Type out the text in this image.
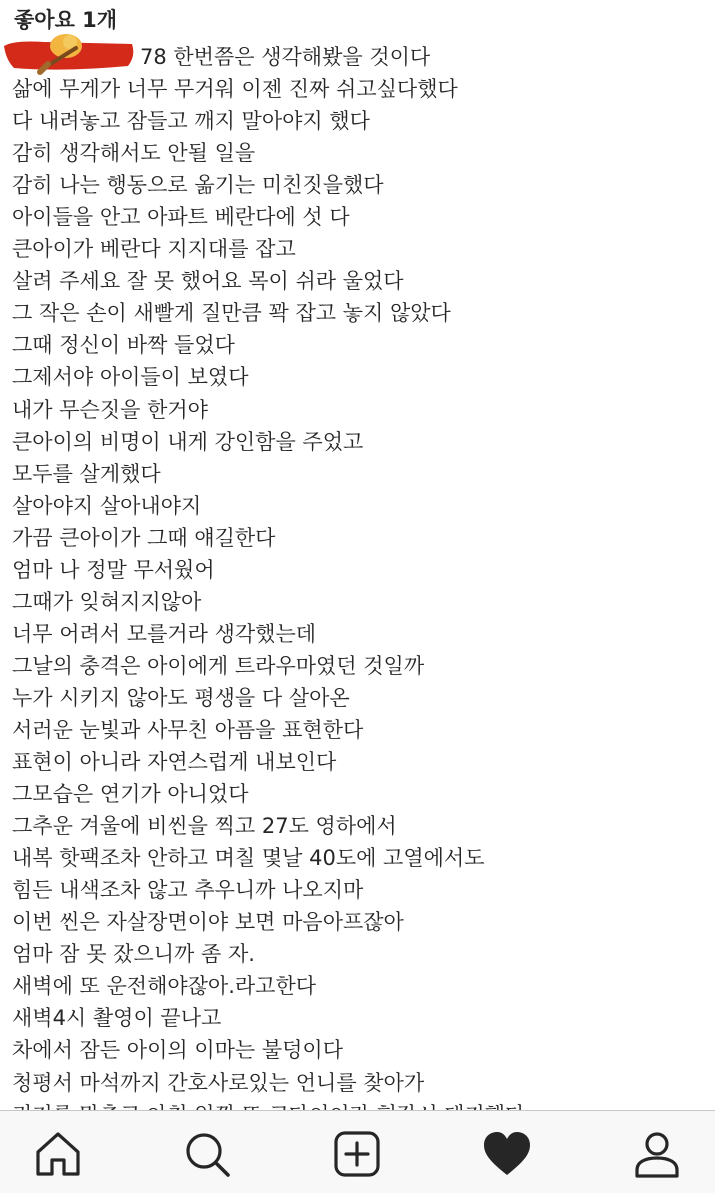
좋아요 1개
78 한번쯤은 생각해봤을 것이다
삶에 무게가 너무 무거워 이젠 진짜 쉬고싶다했다
다 내려놓고 잠들고 깨지 말아야지 했다
감히 생각해서도 안될 일을
감히 나는 행동으로 옮기는 미친짓을했다
아이들을 안고 아파트 베란다에 섯 다
큰아이가 베란다 지지대를 잡고
살려 주세요 잘 못 했어요 목이 쉬라 울었다
그 작은 손이 새빨게 질만큼 꽉 잡고 놓지 않았다
그때 정신이 바짝 들었다
그제서야 아이들이 보였다
내가 무슨짓을 한거야
큰아이의 비명이 내게 강인함을 주었고
모두를 살게했다
살아야지 살아내야지
가끔 큰아이가 그때 얘길한다
엄마 나 정말 무서웠어
그때가 잊혀지지않아
너무 어려서 모를거라 생각했는데
그날의 충격은 아이에게 트라우마였던 것일까
누가 시키지 않아도 평생을 다 살아온
서러운 눈빛과 사무친 아픔을 표현한다
표현이 아니라 자연스럽게 내보인다
그모습은 연기가 아니었다
그추운 겨울에 비씬을 찍고 27도 영하에서
내복 핫팩조차 안하고 며칠 몇날 40도에 고열에서도
힘든 내색조차 않고 추우니까 나오지마
이번 씬은 자살장면이야 보면 마음아프잖아
엄마 잠 못 잤으니까 좀 자.
새벽에 또 운전해야잖아.라고한다
새벽4시 촬영이 끝나고
차에서 잠든 아이의 이마는 불덩이다
청평서 마석까지 간호사로있는 언니를 찾아가
